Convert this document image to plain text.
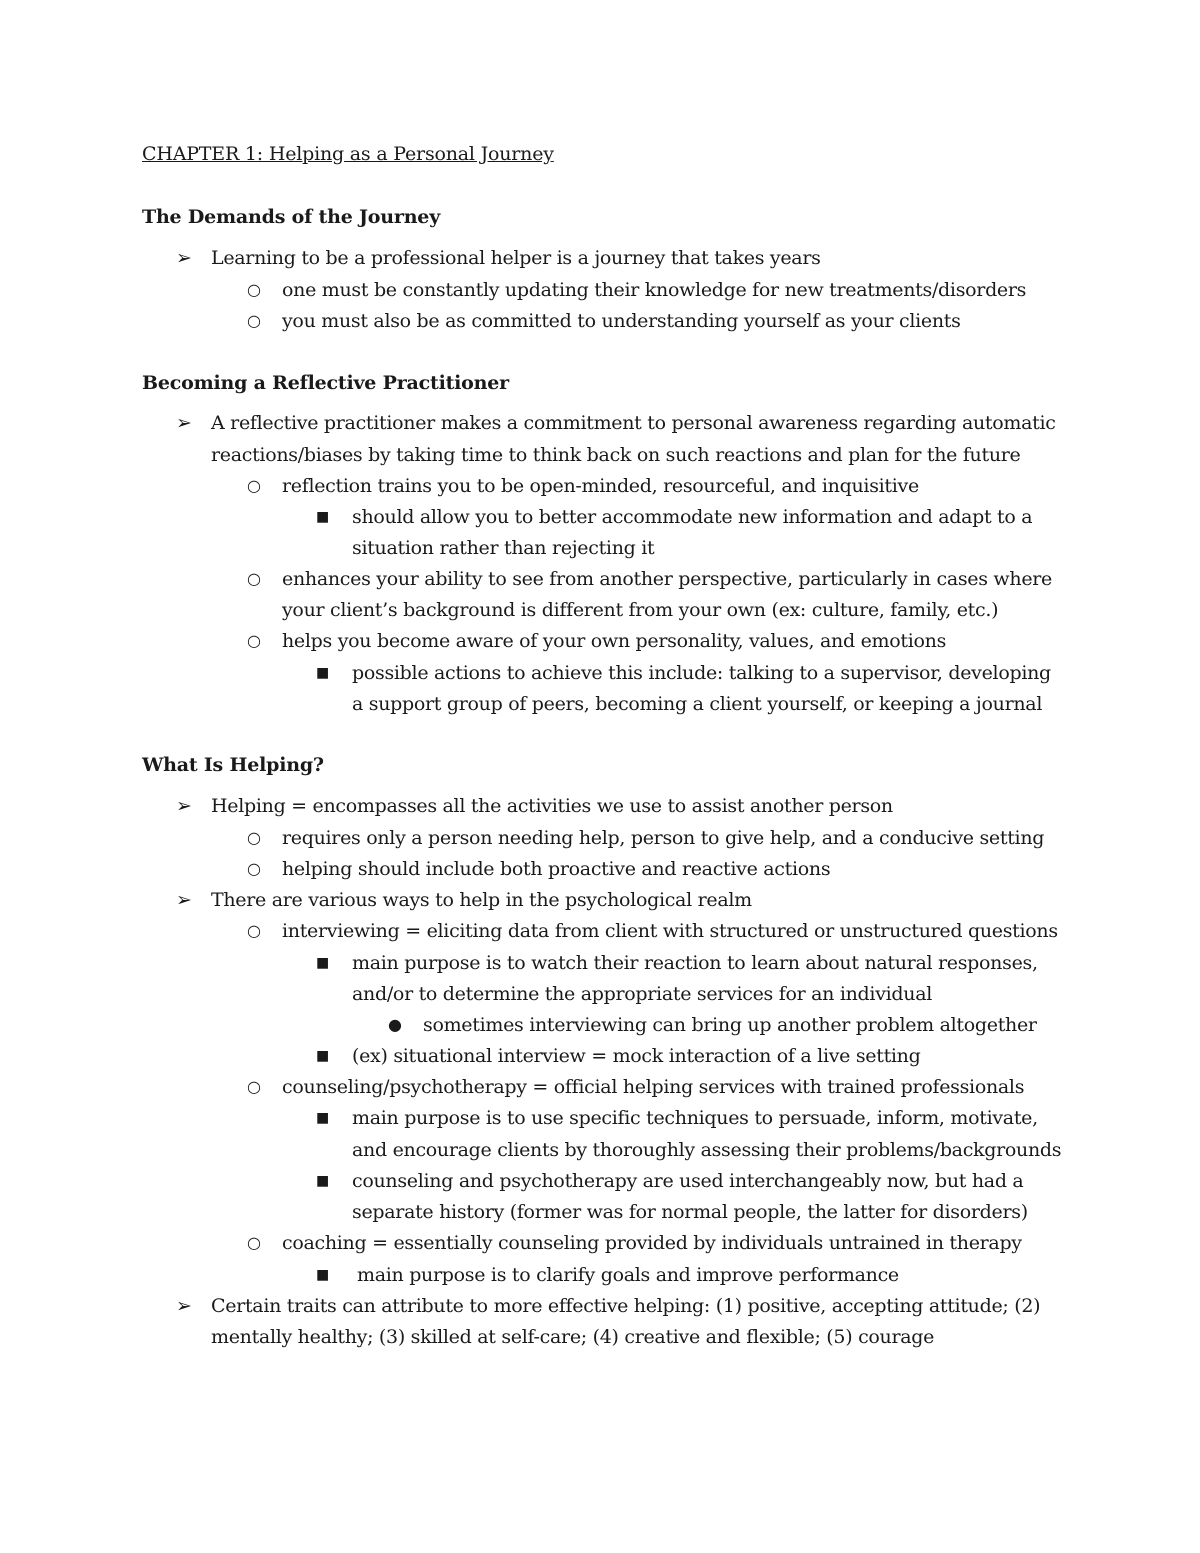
CHAPTER 1: Helping as a Personal Journey
The Demands of the Journey
➢ Learning to be a professional helper is a journey that takes years
○ one must be constantly updating their knowledge for new treatments/disorders
○ you must also be as committed to understanding yourself as your clients
Becoming a Reflective Practitioner
➢ A reflective practitioner makes a commitment to personal awareness regarding automatic
reactions/biases by taking time to think back on such reactions and plan for the future
○ reflection trains you to be open-minded, resourceful, and inquisitive
■ should allow you to better accommodate new information and adapt to a
situation rather than rejecting it
○ enhances your ability to see from another perspective, particularly in cases where
your client’s background is different from your own (ex: culture, family, etc.)
○ helps you become aware of your own personality, values, and emotions
■ possible actions to achieve this include: talking to a supervisor, developing
a support group of peers, becoming a client yourself, or keeping a journal
What Is Helping?
➢ Helping = encompasses all the activities we use to assist another person
○ requires only a person needing help, person to give help, and a conducive setting
○ helping should include both proactive and reactive actions
➢ There are various ways to help in the psychological realm
○ interviewing = eliciting data from client with structured or unstructured questions
■ main purpose is to watch their reaction to learn about natural responses,
and/or to determine the appropriate services for an individual
● sometimes interviewing can bring up another problem altogether
■ (ex) situational interview = mock interaction of a live setting
○ counseling/psychotherapy = official helping services with trained professionals
■ main purpose is to use specific techniques to persuade, inform, motivate,
and encourage clients by thoroughly assessing their problems/backgrounds
■ counseling and psychotherapy are used interchangeably now, but had a
separate history (former was for normal people, the latter for disorders)
○ coaching = essentially counseling provided by individuals untrained in therapy
■ main purpose is to clarify goals and improve performance
➢ Certain traits can attribute to more effective helping: (1) positive, accepting attitude; (2)
mentally healthy; (3) skilled at self-care; (4) creative and flexible; (5) courage
